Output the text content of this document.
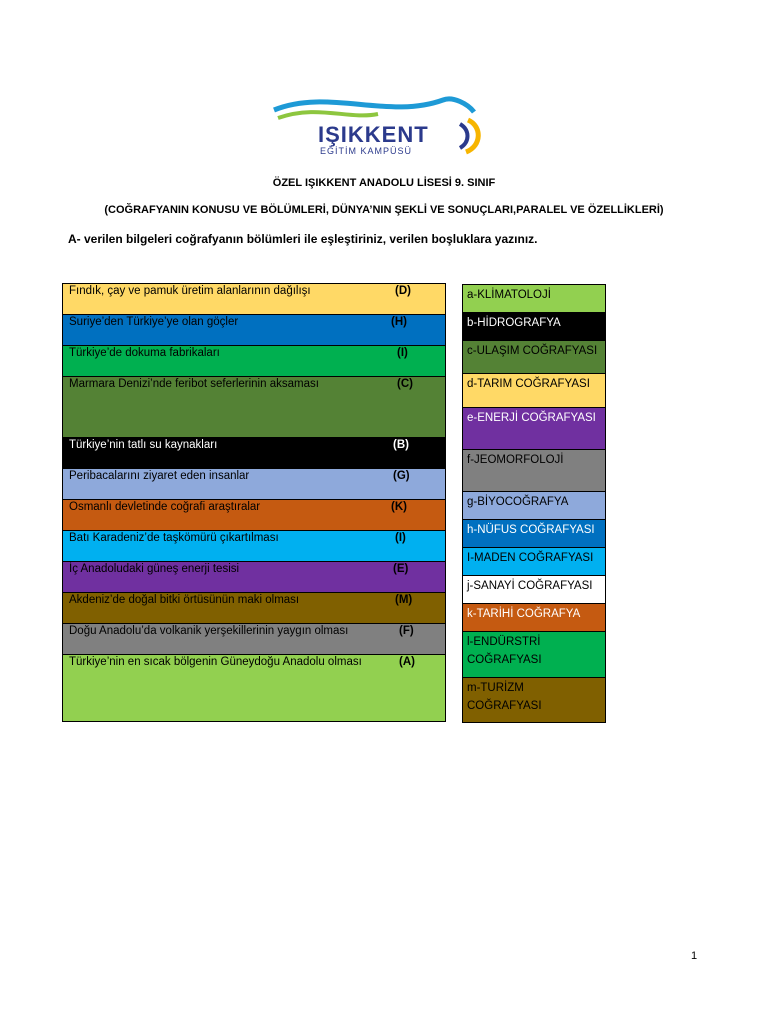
IŞIKKENT
EĞİTİM KAMPÜSÜ
ÖZEL IŞIKKENT ANADOLU LİSESİ 9. SINIF
(COĞRAFYANIN KONUSU VE BÖLÜMLERİ, DÜNYA’NIN ŞEKLİ VE SONUÇLARI,PARALEL VE ÖZELLİKLERİ)
A- verilen bilgeleri coğrafyanın bölümleri ile eşleştiriniz, verilen boşluklara yazınız.
Fındık, çay ve pamuk üretim alanlarının dağılışı	(D)
Suriye’den Türkiye’ye olan göçler	(H)
Türkiye’de dokuma fabrikaları	(I)
Marmara Denizi’nde feribot seferlerinin aksaması	(C)
Türkiye’nin tatlı su kaynakları	(B)
Peribacalarını ziyaret eden insanlar	(G)
Osmanlı devletinde coğrafi araştıralar	(K)
Batı Karadeniz’de taşkömürü çıkartılması	(I)
İç Anadoludaki güneş enerji tesisi	(E)
Akdeniz’de doğal bitki örtüsünün maki olması	(M)
Doğu Anadolu’da volkanik yerşekillerinin yaygın olması	(F)
Türkiye’nin en sıcak bölgenin Güneydoğu Anadolu olması	(A)
a-KLİMATOLOJİ
b-HİDROGRAFYA
c-ULAŞIM COĞRAFYASI
d-TARIM COĞRAFYASI
e-ENERJİ COĞRAFYASI
f-JEOMORFOLOJİ
g-BİYOCOĞRAFYA
h-NÜFUS COĞRAFYASI
I-MADEN COĞRAFYASI
j-SANAYİ COĞRAFYASI
k-TARİHİ COĞRAFYA
l-ENDÜRSTRİ COĞRAFYASI
m-TURİZM COĞRAFYASI
1
